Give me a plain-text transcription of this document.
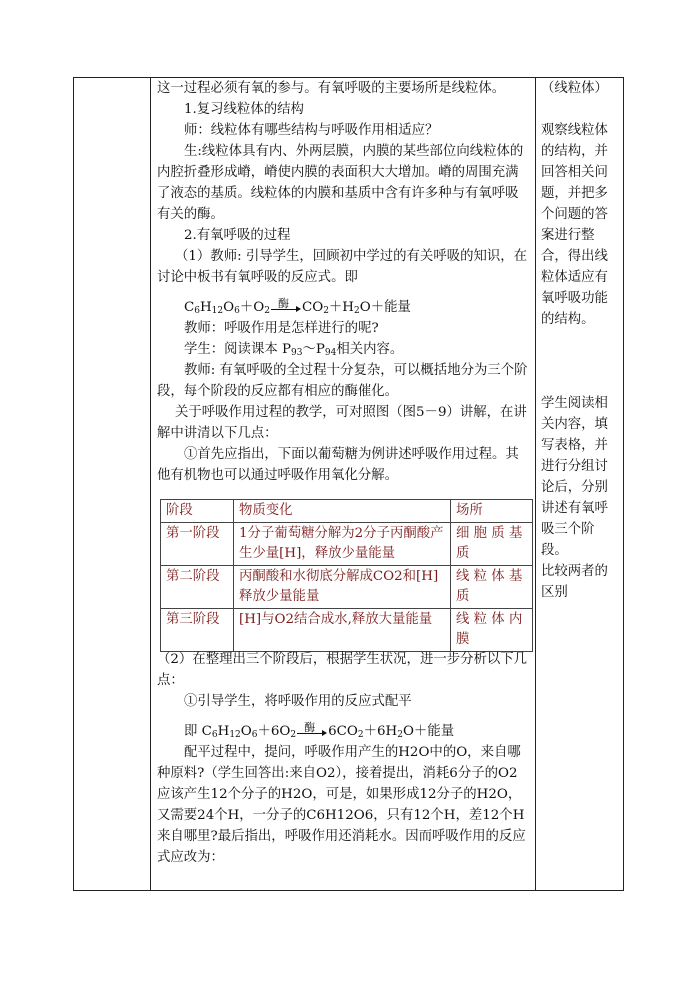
这一过程必须有氧的参与。有氧呼吸的主要场所是线粒体。

1.复习线粒体的结构

师：线粒体有哪些结构与呼吸作用相适应？

生:线粒体具有内、外两层膜，内膜的某些部位向线粒体的内腔折叠形成嵴，嵴使内膜的表面积大大增加。嵴的周围充满了液态的基质。线粒体的内膜和基质中含有许多种与有氧呼吸有关的酶。

2.有氧呼吸的过程

（1）教师: 引导学生，回顾初中学过的有关呼吸的知识，在讨论中板书有氧呼吸的反应式。即

$C_6H_{12}O_6+O_2$
酶 $CO_2+H_2O+$能量

教师：呼吸作用是怎样进行的呢?

学生：阅读课本 $P_{93}\sim P_{94}$相关内容。

教师: 有氧呼吸的全过程十分复杂，可以概括地分为三个阶段，每个阶段的反应都有相应的酶催化。

关于呼吸作用过程的教学，可对照图（图5－9）讲解，在讲解中讲清以下几点：

①首先应指出，下面以葡萄糖为例讲述呼吸作用过程。其他有机物也可以通过呼吸作用氧化分解。

阶段	物质变化	场所
第一阶段	1分子葡萄糖分解为2分子丙酮酸产生少量[H]，释放少量能量	细 胞 质 基质
第二阶段	丙酮酸和水彻底分解成CO2和[H]释放少量能量	线 粒 体 基质
第三阶段	[H]与O2结合成水,释放大量能量	线 粒 体 内膜

（2）在整理出三个阶段后，根据学生状况，进一步分析以下几点：

①引导学生，将呼吸作用的反应式配平

即
$C_6H_{12}O_6+6O_2$
酶 $6CO_2+6H_2O+$能量

配平过程中，提问，呼吸作用产生的H2O中的O，来自哪种原料?（学生回答出:来自O2），接着提出，消耗6分子的O2应该产生12个分子的H2O，可是，如果形成12分子的H2O，又需要24个H，一分子的C6H12O6，只有12个H，差12个H来自哪里?最后指出，呼吸作用还消耗水。因而呼吸作用的反应式应改为：

（线粒体）
观察线粒体的结构，并回答相关问题，并把多个问题的答案进行整合，得出线粒体适应有氧呼吸功能的结构。
学生阅读相关内容，填写表格，并进行分组讨论后，分别讲述有氧呼吸三个阶段。
比较两者的区别
